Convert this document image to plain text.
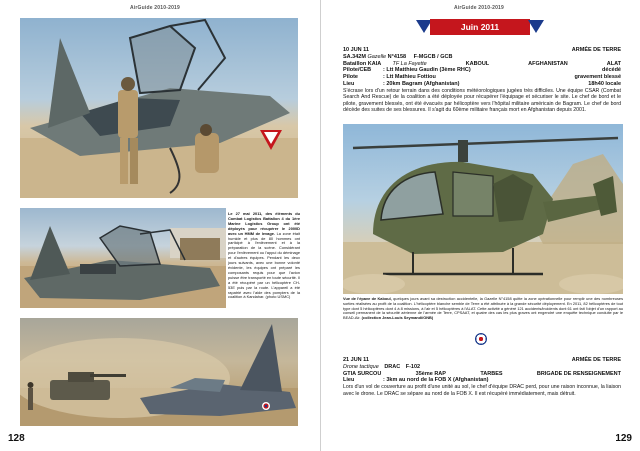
AirGuide 2010-2019
Le 27 mai 2011, des éléments du Combat Logistics Battalion 4 du 1ère Marine Logistics Group ont été déployés pour récupérer le 2000D avec un HMM de levage. La zone était humide et plus de 80 hommes ont participé à l'enlèvement et à la préparation de la scène. Considérant pour l'enlèvement ou l'appui du déminage et d'autres équipes. Pendant les deux jours suivants, avec une bonne volonté évidente, les équipes ont préparé les composants requis pour que l'avion puisse être transporté en toute sécurité. Il a été récupéré par un hélicoptère CH-53E puis par la route. L'appareil a été rapatrié avec l'aide des pompiers de la coalition à Kandahar. (photo USMC)
128
AirGuide 2010-2019
129
Juin 2011
10 JUN 11	ARMÉE DE TERRE
SA.342M Gazelle N°4158 F-MGCB / GCB
Bataillon KAIA TF La Fayette	KABOUL	AFGHANISTAN	ALAT
Pilote/CEB : Ltt Matthieu Gaudin (3ème RHC)	décédé
Pilote	: Ltt Mathieu Fottiou	gravement blessé
Lieu	: 20km Bagram (Afghanistan)	18h40 locale
S'écrase lors d'un retour terrain dans des conditions météorologiques jugées très difficiles. Une équipe CSAR (Combat Search And Rescue) de la coalition a été déployée pour récupérer l'équipage et sécuriser le site. Le chef de bord et le pilote, gravement blessés, ont été évacués par hélicoptère vers l'hôpital militaire américain de Bagram. Le chef de bord décède des suites de ses blessures. Il s'agit du 60ème militaire français mort en Afghanistan depuis 2001.
Vue de l'épave de Kaboul, quelques jours avant sa destruction accidentelle, la Gazelle N°4158 quitte la zone opérationnelle pour remplir une des nombreuses sorties réalisées au profit de la coalition. L'hélicoptère blanche semble de Terre a été attribuée à la grande sécurité déployement. En 2011, 82 hélicoptères de tout type dont 5 hélicoptères dont 4 à 8 missions, à l'air et 5 hélicoptères à l'ALAT. Cette activité a généré 121 accidents/incidents dont 61 ont fait l'objet d'un rapport au conseil permanent de la sécurité aérienne de l'armée de Terre, CPSAAT, et quatre des cas les plus graves ont engendré une enquête technique conduite par le BEAD-Air. (collection Jean-Louis Seymandi/ONB)
21 JUN 11	ARMÉE DE TERRE
Drone tactique DRAC F-102
GTIA SURCOU	35ème RAP	TARBES	BRIGADE DE RENSEIGNEMENT
Lieu	: 3km au nord de la FOB X (Afghanistan)
Lors d'un vol de couverture au profit d'une unité au sol, le chef d'équipe DRAC perd, pour une raison inconnue, la liaison avec le drone. Le DRAC se sépare au nord de la FOB X. Il est récupéré immédiatement, mais détruit.
